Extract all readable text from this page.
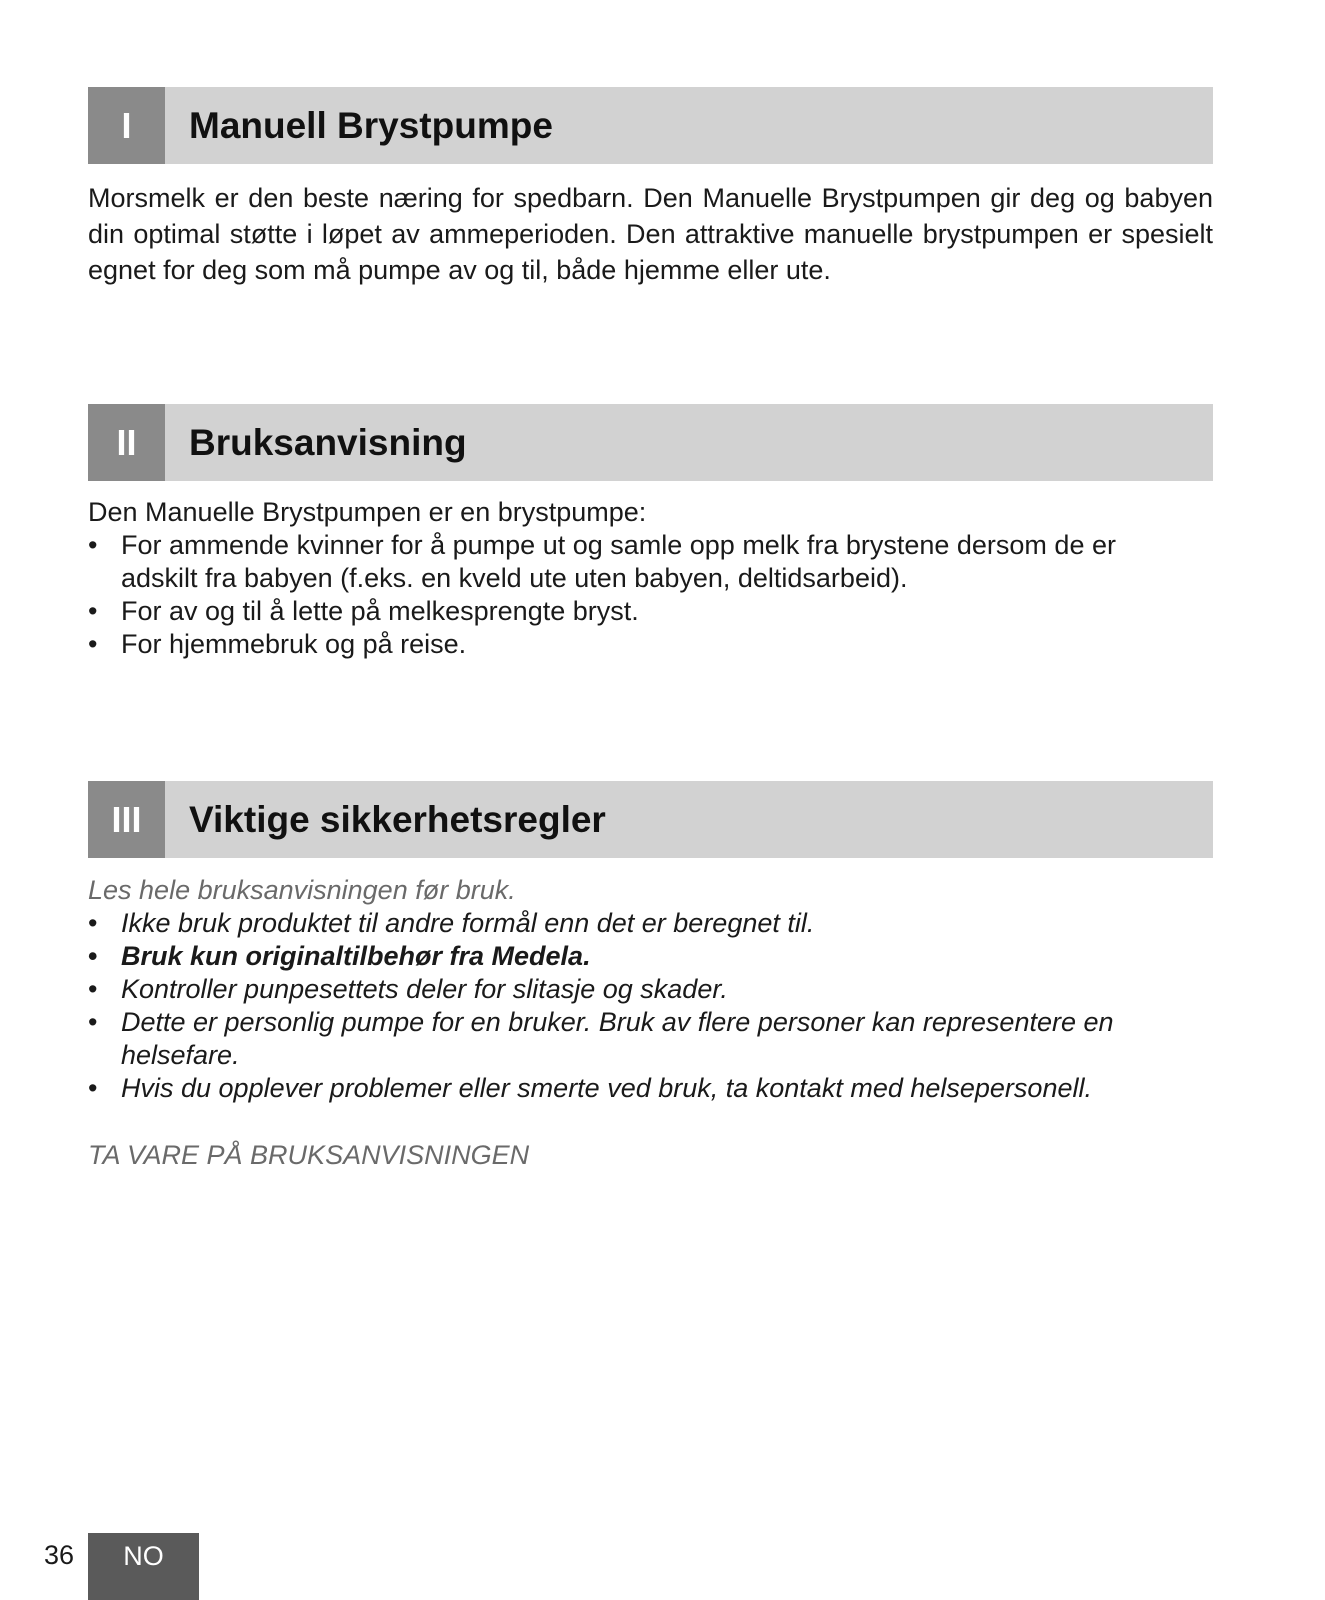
I	Manuell Brystpumpe

Morsmelk er den beste næring for spedbarn. Den Manuelle Brystpumpen gir deg og babyen din optimal støtte i løpet av ammeperioden. Den attraktive manuelle brystpumpen er spesielt egnet for deg som må pumpe av og til, både hjemme eller ute.

II	Bruksanvisning

Den Manuelle Brystpumpen er en brystpumpe:

• For ammende kvinner for å pumpe ut og samle opp melk fra brystene dersom de er adskilt fra babyen (f.eks. en kveld ute uten babyen, deltidsarbeid).
• For av og til å lette på melkesprengte bryst.
• For hjemmebruk og på reise.
III	Viktige sikkerhetsregler

Les hele bruksanvisningen før bruk.

• Ikke bruk produktet til andre formål enn det er beregnet til.
• Bruk kun originaltilbehør fra Medela.
• Kontroller punpesettets deler for slitasje og skader.
• Dette er personlig pumpe for en bruker. Bruk av flere personer kan representere en helsefare.
• Hvis du opplever problemer eller smerte ved bruk, ta kontakt med helsepersonell.

TA VARE PÅ BRUKSANVISNINGEN

36	NO
